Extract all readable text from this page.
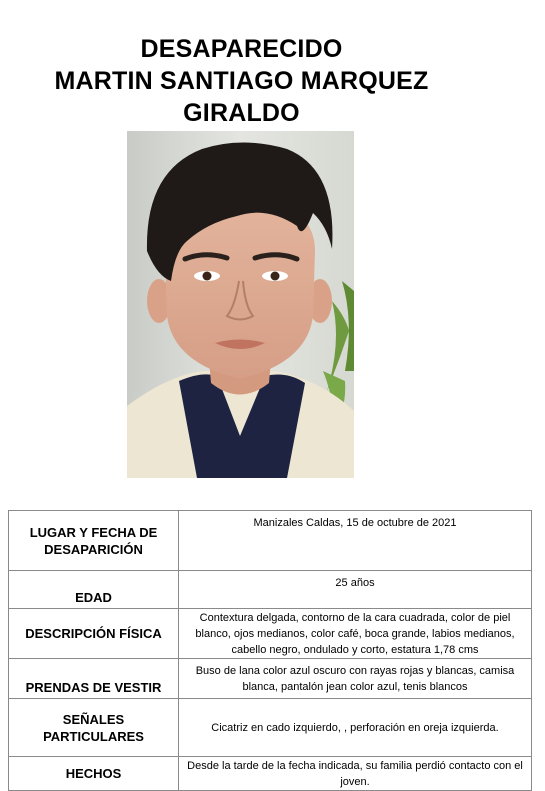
DESAPARECIDO
MARTIN SANTIAGO MARQUEZ
GIRALDO
LUGAR Y FECHA DE DESAPARICIÓN	Manizales Caldas, 15 de octubre de 2021
EDAD	25 años
DESCRIPCIÓN FÍSICA	Contextura delgada, contorno de la cara cuadrada, color de piel blanco, ojos medianos, color café, boca grande, labios medianos, cabello negro, ondulado y corto, estatura 1,78 cms
PRENDAS DE VESTIR	Buso de lana color azul oscuro con rayas rojas y blancas, camisa blanca, pantalón jean color azul, tenis blancos
SEÑALES PARTICULARES	Cicatriz en cado izquierdo, , perforación en oreja izquierda.
HECHOS	Desde la tarde de la fecha indicada, su familia perdió contacto con el joven.
